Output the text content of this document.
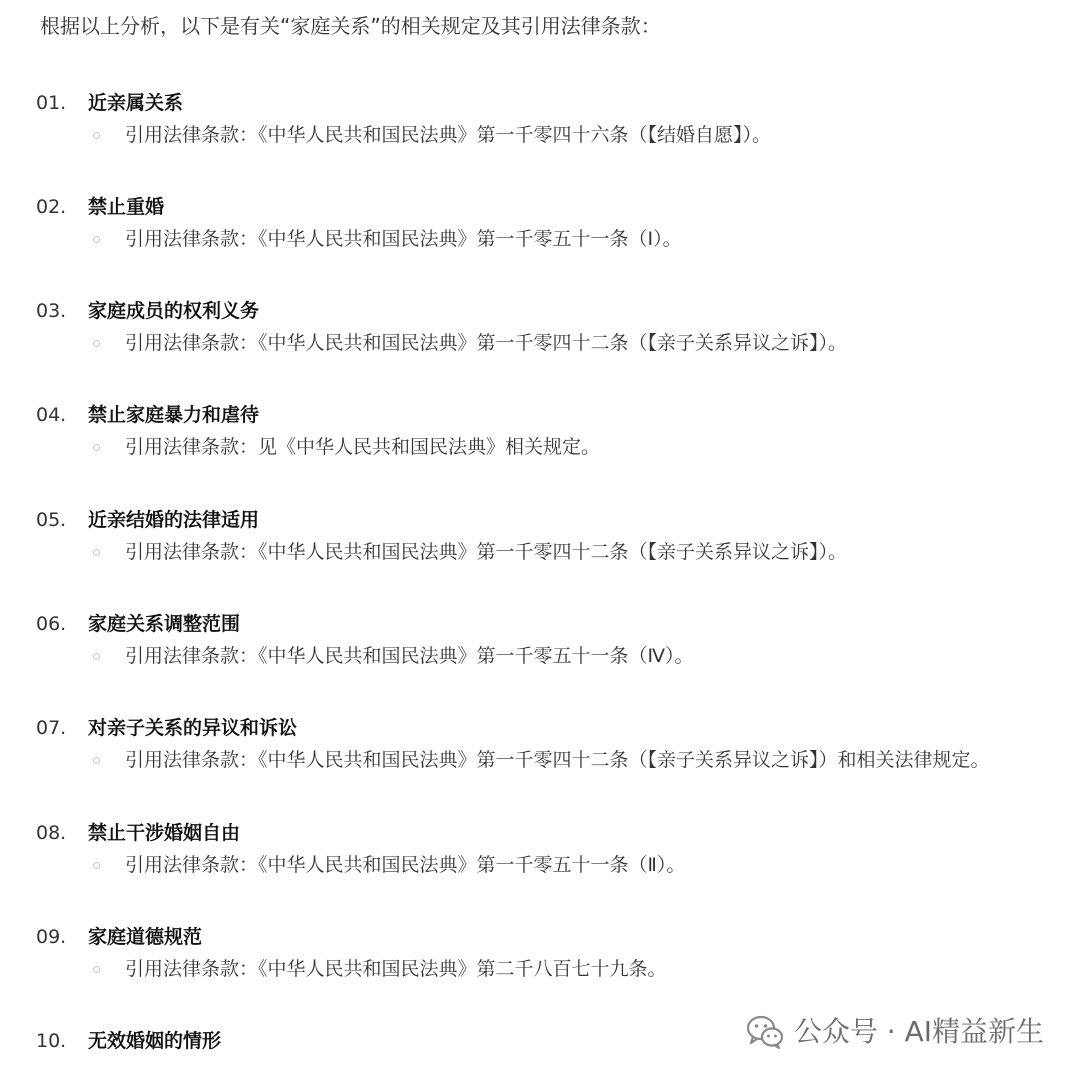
根据以上分析，以下是有关“家庭关系”的相关规定及其引用法律条款：
01. 近亲属关系
引用法律条款：《中华人民共和国民法典》第一千零四十六条（【结婚自愿】）。
02. 禁止重婚
引用法律条款：《中华人民共和国民法典》第一千零五十一条（Ⅰ）。
03. 家庭成员的权利义务
引用法律条款：《中华人民共和国民法典》第一千零四十二条（【亲子关系异议之诉】）。
04. 禁止家庭暴力和虐待
引用法律条款：见《中华人民共和国民法典》相关规定。
05. 近亲结婚的法律适用
引用法律条款：《中华人民共和国民法典》第一千零四十二条（【亲子关系异议之诉】）。
06. 家庭关系调整范围
引用法律条款：《中华人民共和国民法典》第一千零五十一条（Ⅳ）。
07. 对亲子关系的异议和诉讼
引用法律条款：《中华人民共和国民法典》第一千零四十二条（【亲子关系异议之诉】）和相关法律规定。
08. 禁止干涉婚姻自由
引用法律条款：《中华人民共和国民法典》第一千零五十一条（Ⅱ）。
09. 家庭道德规范
引用法律条款：《中华人民共和国民法典》第二千八百七十九条。
10. 无效婚姻的情形	公众号 · AI精益新生
